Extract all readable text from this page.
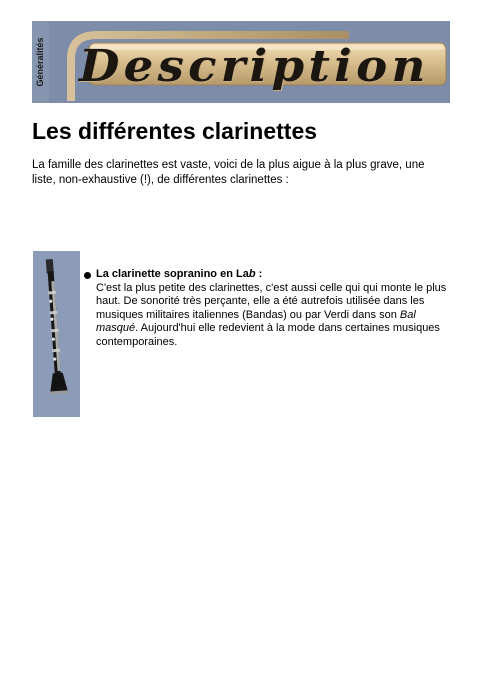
Généralités Description
Les différentes clarinettes

La famille des clarinettes est vaste, voici de la plus aigue à la plus grave, une liste, non-exhaustive (!), de différentes clarinettes :

La clarinette sopranino en Lab :
C'est la plus petite des clarinettes, c'est aussi celle qui qui monte le plus haut. De sonorité très perçante, elle a été autrefois utilisée dans les musiques militaires italiennes (Bandas) ou par Verdi dans son Bal masqué. Aujourd'hui elle redevient à la mode dans certaines musiques contemporaines.
